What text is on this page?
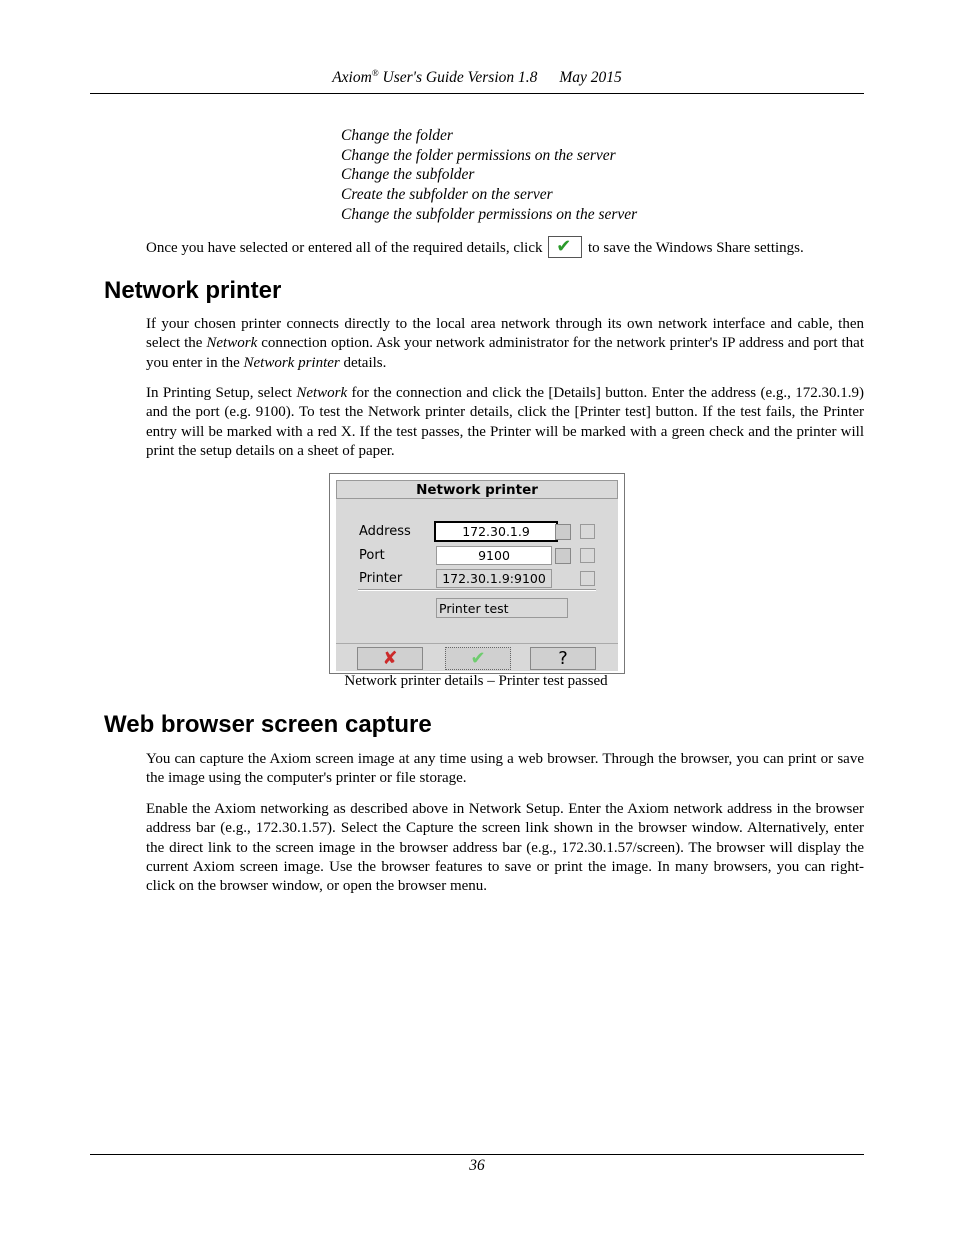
Axiom® User's Guide Version 1.8 May 2015
Change the folder
Change the folder permissions on the server
Change the subfolder
Create the subfolder on the server
Change the subfolder permissions on the server
Once you have selected or entered all of the required details, click ✔ to save the Windows Share settings.
Network printer
If your chosen printer connects directly to the local area network through its own network interface and cable, then select the Network connection option. Ask your network administrator for the network printer's IP address and port that you enter in the Network printer details.
In Printing Setup, select Network for the connection and click the [Details] button. Enter the address (e.g., 172.30.1.9) and the port (e.g. 9100). To test the Network printer details, click the [Printer test] button. If the test fails, the Printer entry will be marked with a red X. If the test passes, the Printer will be marked with a green check and the printer will print the setup details on a sheet of paper.
Network printer
Address	172.30.1.9
Port	9100
Printer	172.30.1.9:9100
Printer test
✘	✔	?
Network printer details – Printer test passed
Web browser screen capture
You can capture the Axiom screen image at any time using a web browser. Through the browser, you can print or save the image using the computer's printer or file storage.
Enable the Axiom networking as described above in Network Setup. Enter the Axiom network address in the browser address bar (e.g., 172.30.1.57). Select the Capture the screen link shown in the browser window. Alternatively, enter the direct link to the screen image in the browser address bar (e.g., 172.30.1.57/screen). The browser will display the current Axiom screen image. Use the browser features to save or print the image. In many browsers, you can right-click on the browser window, or open the browser menu.
36
